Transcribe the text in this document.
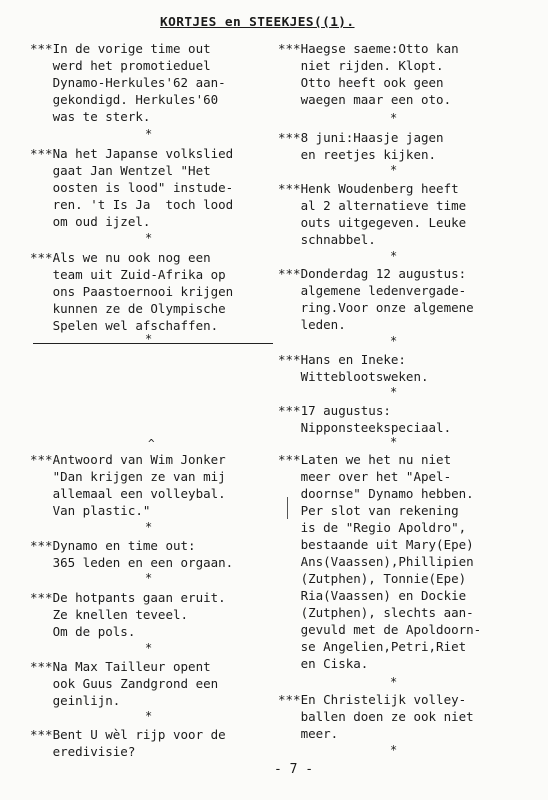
KORTJES en STEEKJES((1).
***In de vorige time out
werd het promotieduel
Dynamo-Herkules'62 aan-
gekondigd. Herkules'60
was te sterk.
*
***Na het Japanse volkslied
gaat Jan Wentzel "Het
oosten is lood" instude-
ren. 't Is Ja  toch lood
om oud ijzel.
*
***Als we nu ook nog een
team uit Zuid-Afrika op
ons Paastoernooi krijgen
kunnen ze de Olympische
Spelen wel afschaffen.
*
***Antwoord van Wim Jonker
"Dan krijgen ze van mij
allemaal een volleybal.
Van plastic."
*
***Dynamo en time out:
365 leden en een orgaan.
*
***De hotpants gaan eruit.
Ze knellen teveel.
Om de pols.
*
***Na Max Tailleur opent
ook Guus Zandgrond een
geinlijn.
*
***Bent U wèl rijp voor de
eredivisie?
^
***Haegse saeme:Otto kan
niet rijden. Klopt.
Otto heeft ook geen
waegen maar een oto.
*
***8 juni:Haasje jagen
en reetjes kijken.
*
***Henk Woudenberg heeft
al 2 alternatieve time
outs uitgegeven. Leuke
schnabbel.
*
***Donderdag 12 augustus:
algemene ledenvergade-
ring.Voor onze algemene
leden.
*
***Hans en Ineke:
Witteblootsweken.
*
***17 augustus:
Nipponsteekspeciaal.
*
***Laten we het nu niet
meer over het "Apel-
doornse" Dynamo hebben.
Per slot van rekening
is de "Regio Apoldro",
bestaande uit Mary(Epe)
Ans(Vaassen),Phillipien
(Zutphen), Tonnie(Epe)
Ria(Vaassen) en Dockie
(Zutphen), slechts aan-
gevuld met de Apoldoorn-
se Angelien,Petri,Riet
en Ciska.
*
***En Christelijk volley-
ballen doen ze ook niet
meer.
*
- 7 -
